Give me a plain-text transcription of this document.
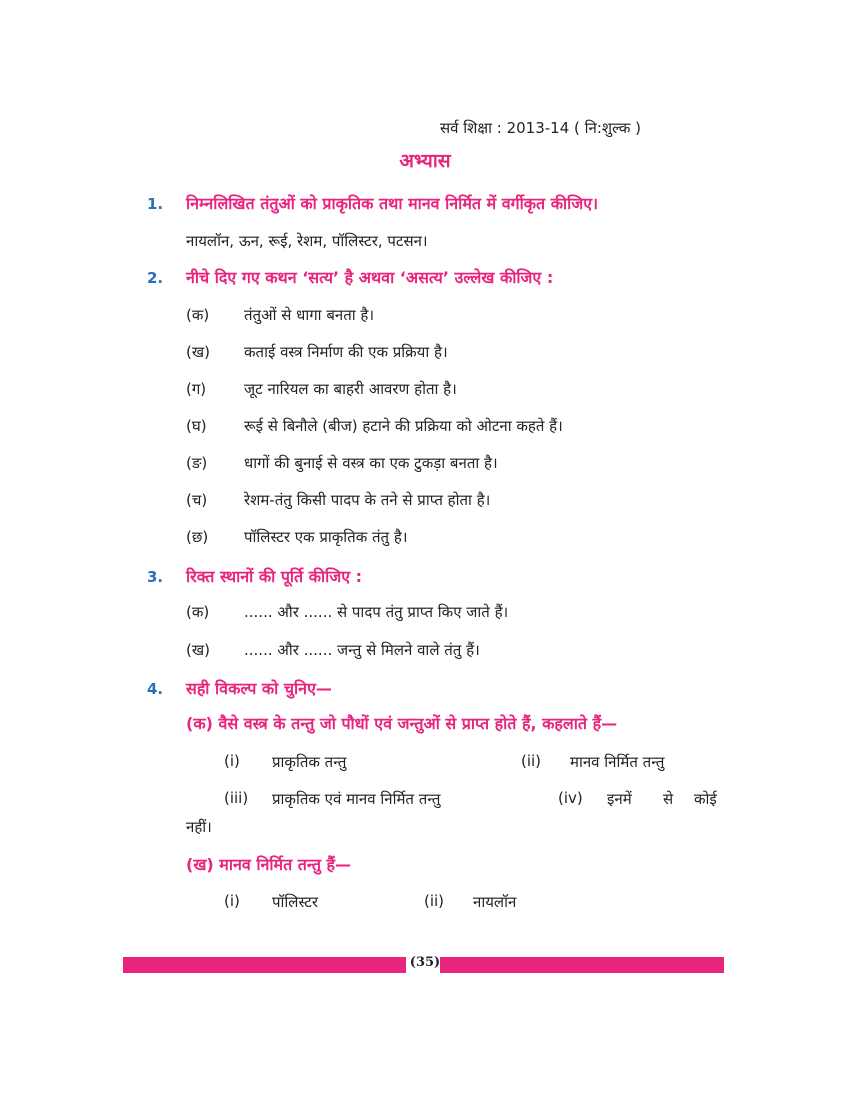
सर्व शिक्षा : 2013-14 ( नि:शुल्क )
अभ्यास
1. निम्नलिखित तंतुओं को प्राकृतिक तथा मानव निर्मित में वर्गीकृत कीजिए।
नायलॉन, ऊन, रूई, रेशम, पॉलिस्टर, पटसन।
2. नीचे दिए गए कथन ‘सत्य’ है अथवा ‘असत्य’ उल्लेख कीजिए :
(क) तंतुओं से धागा बनता है।
(ख) कताई वस्त्र निर्माण की एक प्रक्रिया है।
(ग)	जूट नारियल का बाहरी आवरण होता है।
(घ) रूई से बिनौले (बीज) हटाने की प्रक्रिया को ओटना कहते हैं।
(ङ) धागों की बुनाई से वस्त्र का एक टुकड़ा बनता है।
(च) रेशम-तंतु किसी पादप के तने से प्राप्त होता है।
(छ) पॉलिस्टर एक प्राकृतिक तंतु है।
3. रिक्त स्थानों की पूर्ति कीजिए :
(क) ...... और ...... से पादप तंतु प्राप्त किए जाते हैं।
(ख) ...... और ...... जन्तु से मिलने वाले तंतु हैं।
4. सही विकल्प को चुनिए—
(क) वैसे वस्त्र के तन्तु जो पौधों एवं जन्तुओं से प्राप्त होते हैं, कहलाते हैं—
(i) प्राकृतिक तन्तु	(ii) मानव निर्मित तन्तु
(iii) प्राकृतिक एवं मानव निर्मित तन्तु	(iv) इनमें से कोई
नहीं।
(ख) मानव निर्मित तन्तु हैं—
(i) पॉलिस्टर	(ii) नायलॉन
(35)
